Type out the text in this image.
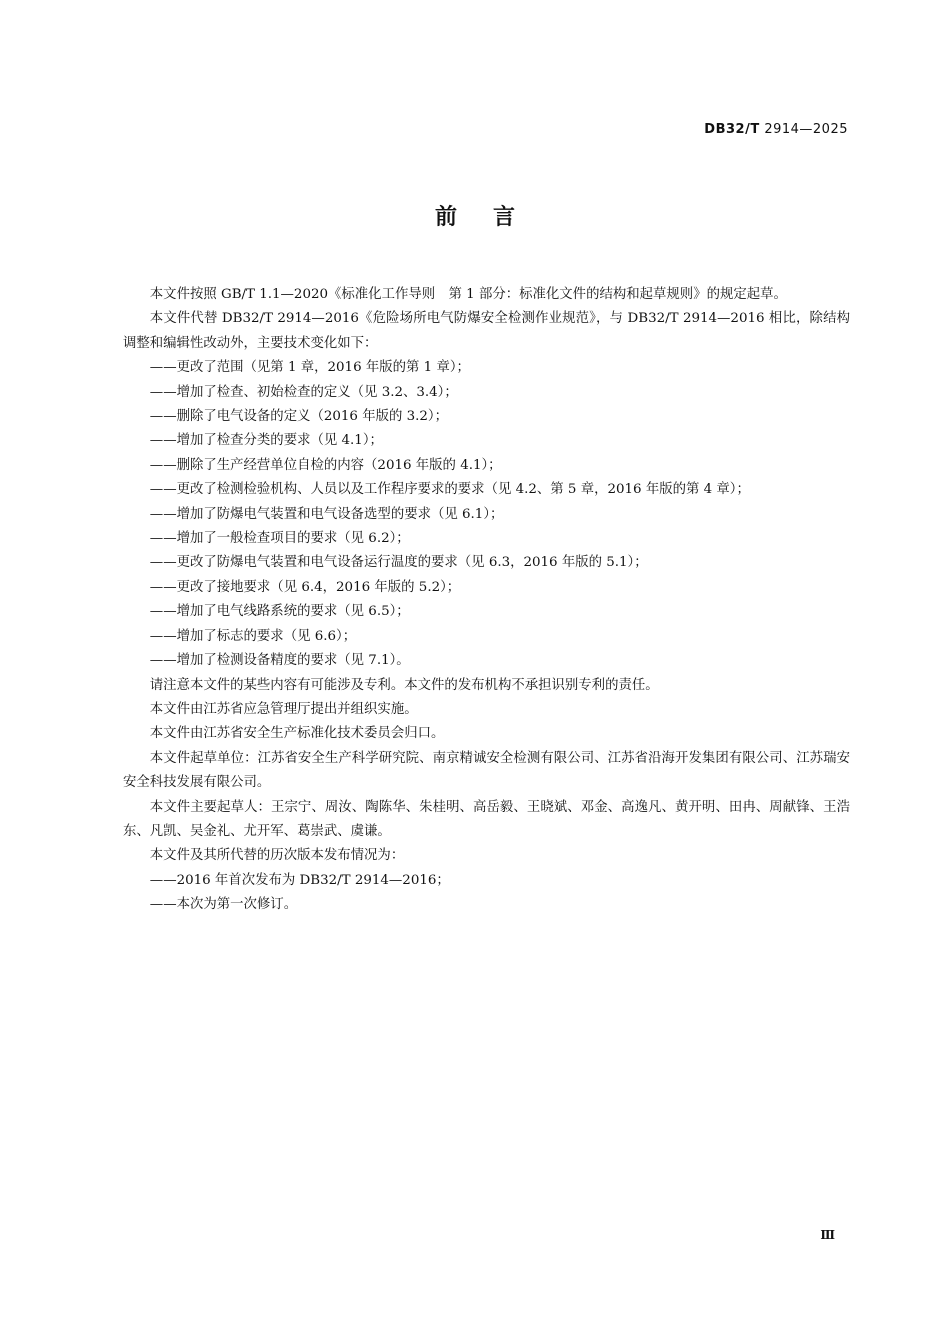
DB32/T 2914—2025
前言

本文件按照 GB/T 1.1—2020《标准化工作导则　第 1 部分：标准化文件的结构和起草规则》的规定起草。

本文件代替 DB32/T 2914—2016《危险场所电气防爆安全检测作业规范》，与 DB32/T 2914—2016 相比，除结构调整和编辑性改动外，主要技术变化如下：

——更改了范围（见第 1 章，2016 年版的第 1 章）；

——增加了检查、初始检查的定义（见 3.2、3.4）；

——删除了电气设备的定义（2016 年版的 3.2）；

——增加了检查分类的要求（见 4.1）；

——删除了生产经营单位自检的内容（2016 年版的 4.1）；

——更改了检测检验机构、人员以及工作程序要求的要求（见 4.2、第 5 章，2016 年版的第 4 章）；

——增加了防爆电气装置和电气设备选型的要求（见 6.1）；

——增加了一般检查项目的要求（见 6.2）；

——更改了防爆电气装置和电气设备运行温度的要求（见 6.3，2016 年版的 5.1）；

——更改了接地要求（见 6.4，2016 年版的 5.2）；

——增加了电气线路系统的要求（见 6.5）；

——增加了标志的要求（见 6.6）；

——增加了检测设备精度的要求（见 7.1）。

请注意本文件的某些内容有可能涉及专利。本文件的发布机构不承担识别专利的责任。

本文件由江苏省应急管理厅提出并组织实施。

本文件由江苏省安全生产标准化技术委员会归口。

本文件起草单位：江苏省安全生产科学研究院、南京精诚安全检测有限公司、江苏省沿海开发集团有限公司、江苏瑞安安全科技发展有限公司。

本文件主要起草人：王宗宁、周汝、陶陈华、朱桂明、高岳毅、王晓斌、邓金、高逸凡、黄开明、田冉、周献锋、王浩东、凡凯、吴金礼、尤开军、葛崇武、虞谦。

本文件及其所代替的历次版本发布情况为：

——2016 年首次发布为 DB32/T 2914—2016；

——本次为第一次修订。

Ⅲ
